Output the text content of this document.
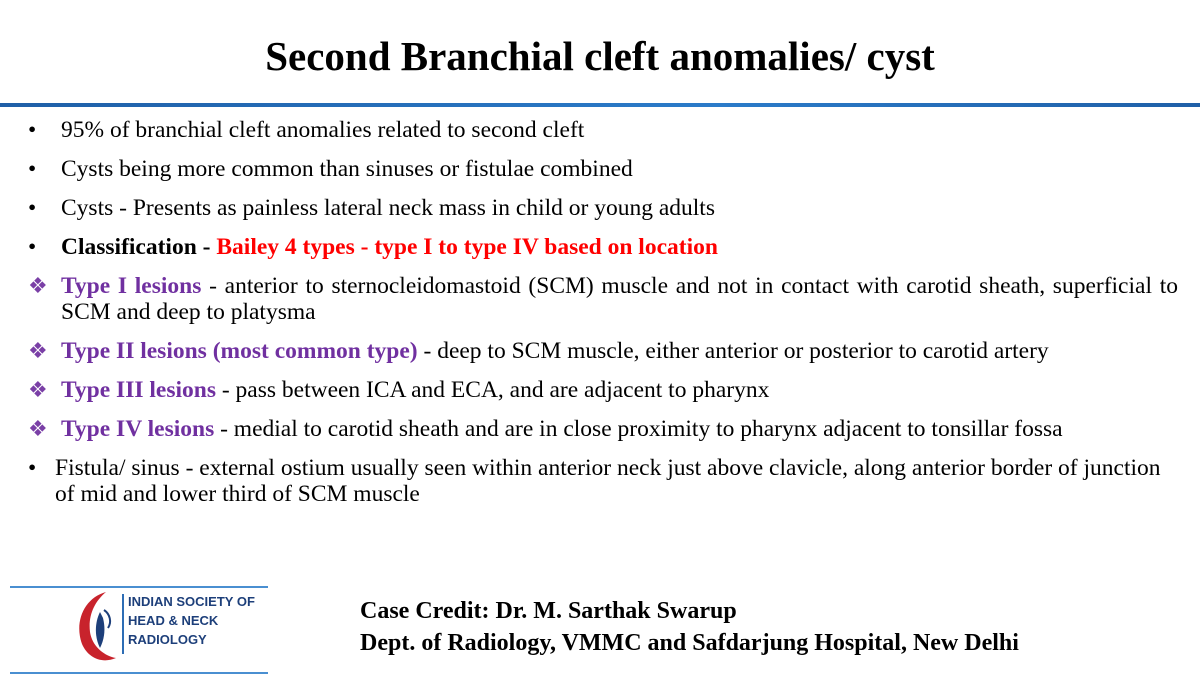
Second Branchial cleft anomalies/ cyst
•	95% of branchial cleft anomalies related to second cleft
•	Cysts being more common than sinuses or fistulae combined
•	Cysts - Presents as painless lateral neck mass in child or young adults
•	Classification - Bailey 4 types - type I to type IV based on location
❖ Type I lesions - anterior to sternocleidomastoid (SCM) muscle and not in contact with carotid sheath, superficial to SCM and deep to platysma
❖ Type II lesions (most common type) - deep to SCM muscle, either anterior or posterior to carotid artery
❖ Type III lesions - pass between ICA and ECA, and are adjacent to pharynx
❖ Type IV lesions - medial to carotid sheath and are in close proximity to pharynx adjacent to tonsillar fossa
• Fistula/ sinus - external ostium usually seen within anterior neck just above clavicle, along anterior border of junction of mid and lower third of SCM muscle
INDIAN SOCIETY OF
HEAD & NECK
RADIOLOGY
Case Credit: Dr. M. Sarthak Swarup
Dept. of Radiology, VMMC and Safdarjung Hospital, New Delhi
